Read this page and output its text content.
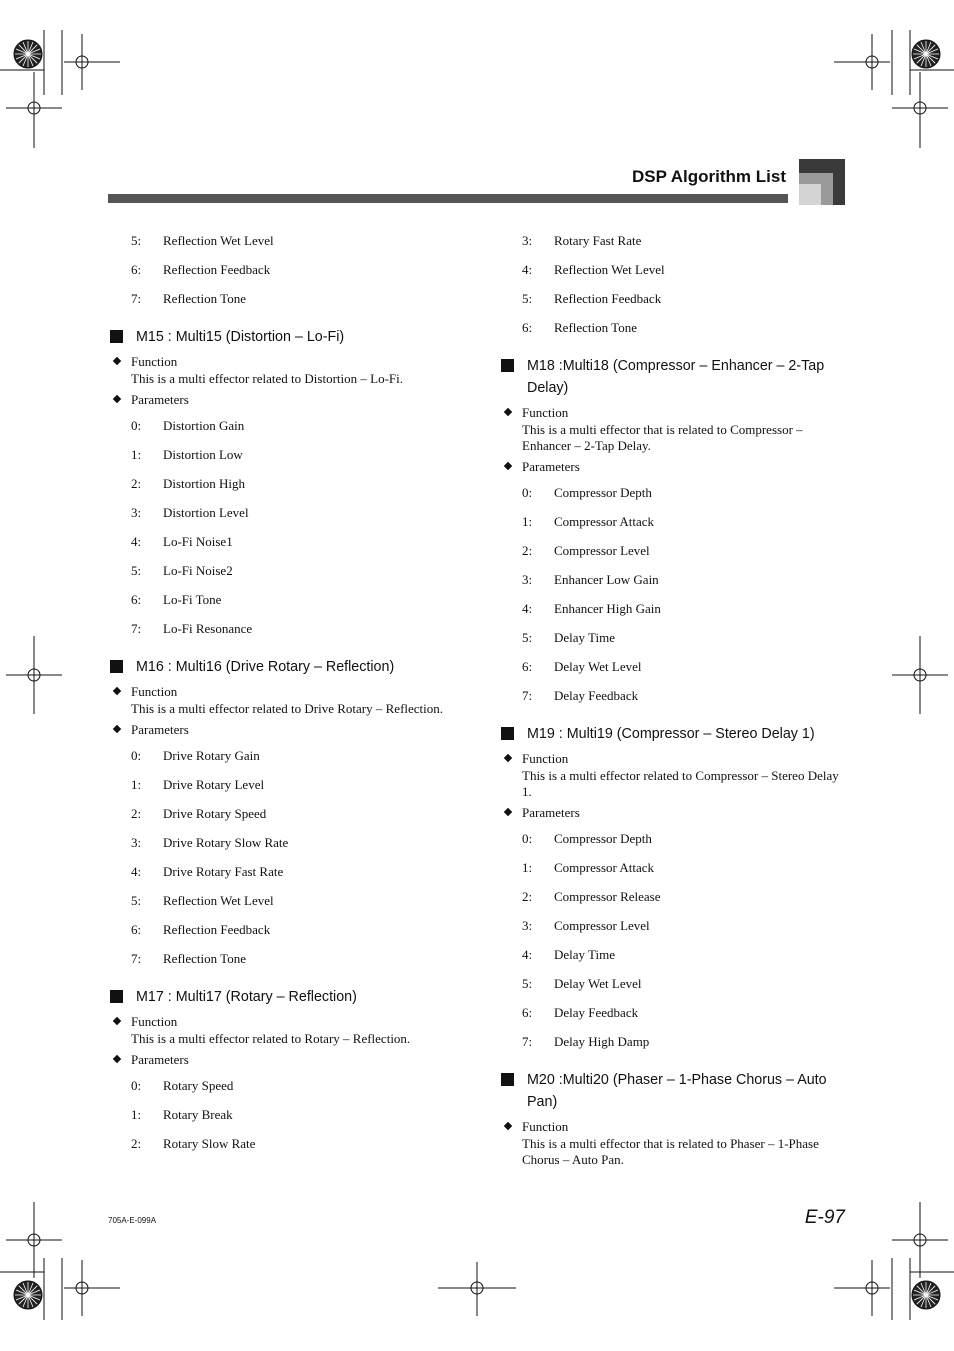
DSP Algorithm List
5: Reflection Wet Level
6: Reflection Feedback
7: Reflection Tone
M15 : Multi15 (Distortion – Lo-Fi)
Function
This is a multi effector related to Distortion – Lo-Fi.
Parameters
0: Distortion Gain
1: Distortion Low
2: Distortion High
3: Distortion Level
4: Lo-Fi Noise1
5: Lo-Fi Noise2
6: Lo-Fi Tone
7: Lo-Fi Resonance
M16 : Multi16 (Drive Rotary – Reflection)
Function
This is a multi effector related to Drive Rotary – Reflection.
Parameters
0: Drive Rotary Gain
1: Drive Rotary Level
2: Drive Rotary Speed
3: Drive Rotary Slow Rate
4: Drive Rotary Fast Rate
5: Reflection Wet Level
6: Reflection Feedback
7: Reflection Tone
M17 : Multi17 (Rotary – Reflection)
Function
This is a multi effector related to Rotary – Reflection.
Parameters
0: Rotary Speed
1: Rotary Break
2: Rotary Slow Rate
3: Rotary Fast Rate
4: Reflection Wet Level
5: Reflection Feedback
6: Reflection Tone
M18 :Multi18 (Compressor – Enhancer – 2-Tap Delay)
Function
This is a multi effector that is related to Compressor – Enhancer – 2-Tap Delay.
Parameters
0: Compressor Depth
1: Compressor Attack
2: Compressor Level
3: Enhancer Low Gain
4: Enhancer High Gain
5: Delay Time
6: Delay Wet Level
7: Delay Feedback
M19 : Multi19 (Compressor – Stereo Delay 1)
Function
This is a multi effector related to Compressor – Stereo Delay 1.
Parameters
0: Compressor Depth
1: Compressor Attack
2: Compressor Release
3: Compressor Level
4: Delay Time
5: Delay Wet Level
6: Delay Feedback
7: Delay High Damp
M20 :Multi20 (Phaser – 1-Phase Chorus – Auto Pan)
Function
This is a multi effector that is related to Phaser – 1-Phase Chorus – Auto Pan.
705A-E-099A	E-97
